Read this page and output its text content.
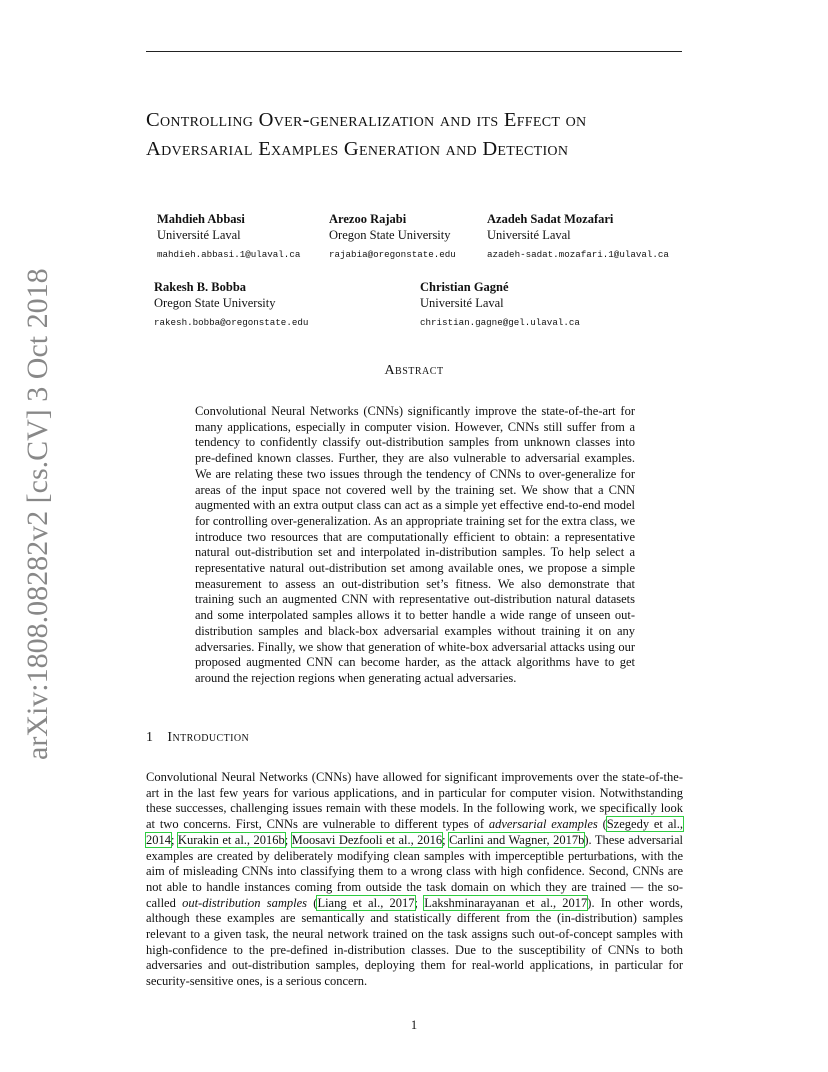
arXiv:1808.08282v2 [cs.CV] 3 Oct 2018
Controlling Over-generalization and its Effect on Adversarial Examples Generation and Detection
Mahdieh Abbasi
Université Laval
mahdieh.abbasi.1@ulaval.ca
Arezoo Rajabi
Oregon State University
rajabia@oregonstate.edu
Azadeh Sadat Mozafari
Université Laval
azadeh-sadat.mozafari.1@ulaval.ca
Rakesh B. Bobba
Oregon State University
rakesh.bobba@oregonstate.edu
Christian Gagné
Université Laval
christian.gagne@gel.ulaval.ca
Abstract
Convolutional Neural Networks (CNNs) significantly improve the state-of-the-art for many applications, especially in computer vision. However, CNNs still suffer from a tendency to confidently classify out-distribution samples from unknown classes into pre-defined known classes. Further, they are also vulnerable to adversarial examples. We are relating these two issues through the tendency of CNNs to over-generalize for areas of the input space not covered well by the training set. We show that a CNN augmented with an extra output class can act as a simple yet effective end-to-end model for controlling over-generalization. As an appropriate training set for the extra class, we introduce two resources that are computationally efficient to obtain: a representative natural out-distribution set and interpolated in-distribution samples. To help select a representative natural out-distribution set among available ones, we propose a simple measurement to assess an out-distribution set’s fitness. We also demonstrate that training such an augmented CNN with representative out-distribution natural datasets and some interpolated samples allows it to better handle a wide range of unseen out-distribution samples and black-box adversarial examples without training it on any adversaries. Finally, we show that generation of white-box adversarial attacks using our proposed augmented CNN can become harder, as the attack algorithms have to get around the rejection regions when generating actual adversaries.
1 Introduction
Convolutional Neural Networks (CNNs) have allowed for significant improvements over the state-of-the-art in the last few years for various applications, and in particular for computer vision. Notwithstanding these successes, challenging issues remain with these models. In the following work, we specifically look at two concerns. First, CNNs are vulnerable to different types of adversarial examples (Szegedy et al., 2014; Kurakin et al., 2016b; Moosavi Dezfooli et al., 2016; Carlini and Wagner, 2017b). These adversarial examples are created by deliberately modifying clean samples with imperceptible perturbations, with the aim of misleading CNNs into classifying them to a wrong class with high confidence. Second, CNNs are not able to handle instances coming from outside the task domain on which they are trained — the so-called out-distribution samples (Liang et al., 2017; Lakshminarayanan et al., 2017). In other words, although these examples are semantically and statistically different from the (in-distribution) samples relevant to a given task, the neural network trained on the task assigns such out-of-concept samples with high-confidence to the pre-defined in-distribution classes. Due to the susceptibility of CNNs to both adversaries and out-distribution samples, deploying them for real-world applications, in particular for security-sensitive ones, is a serious concern.
1
